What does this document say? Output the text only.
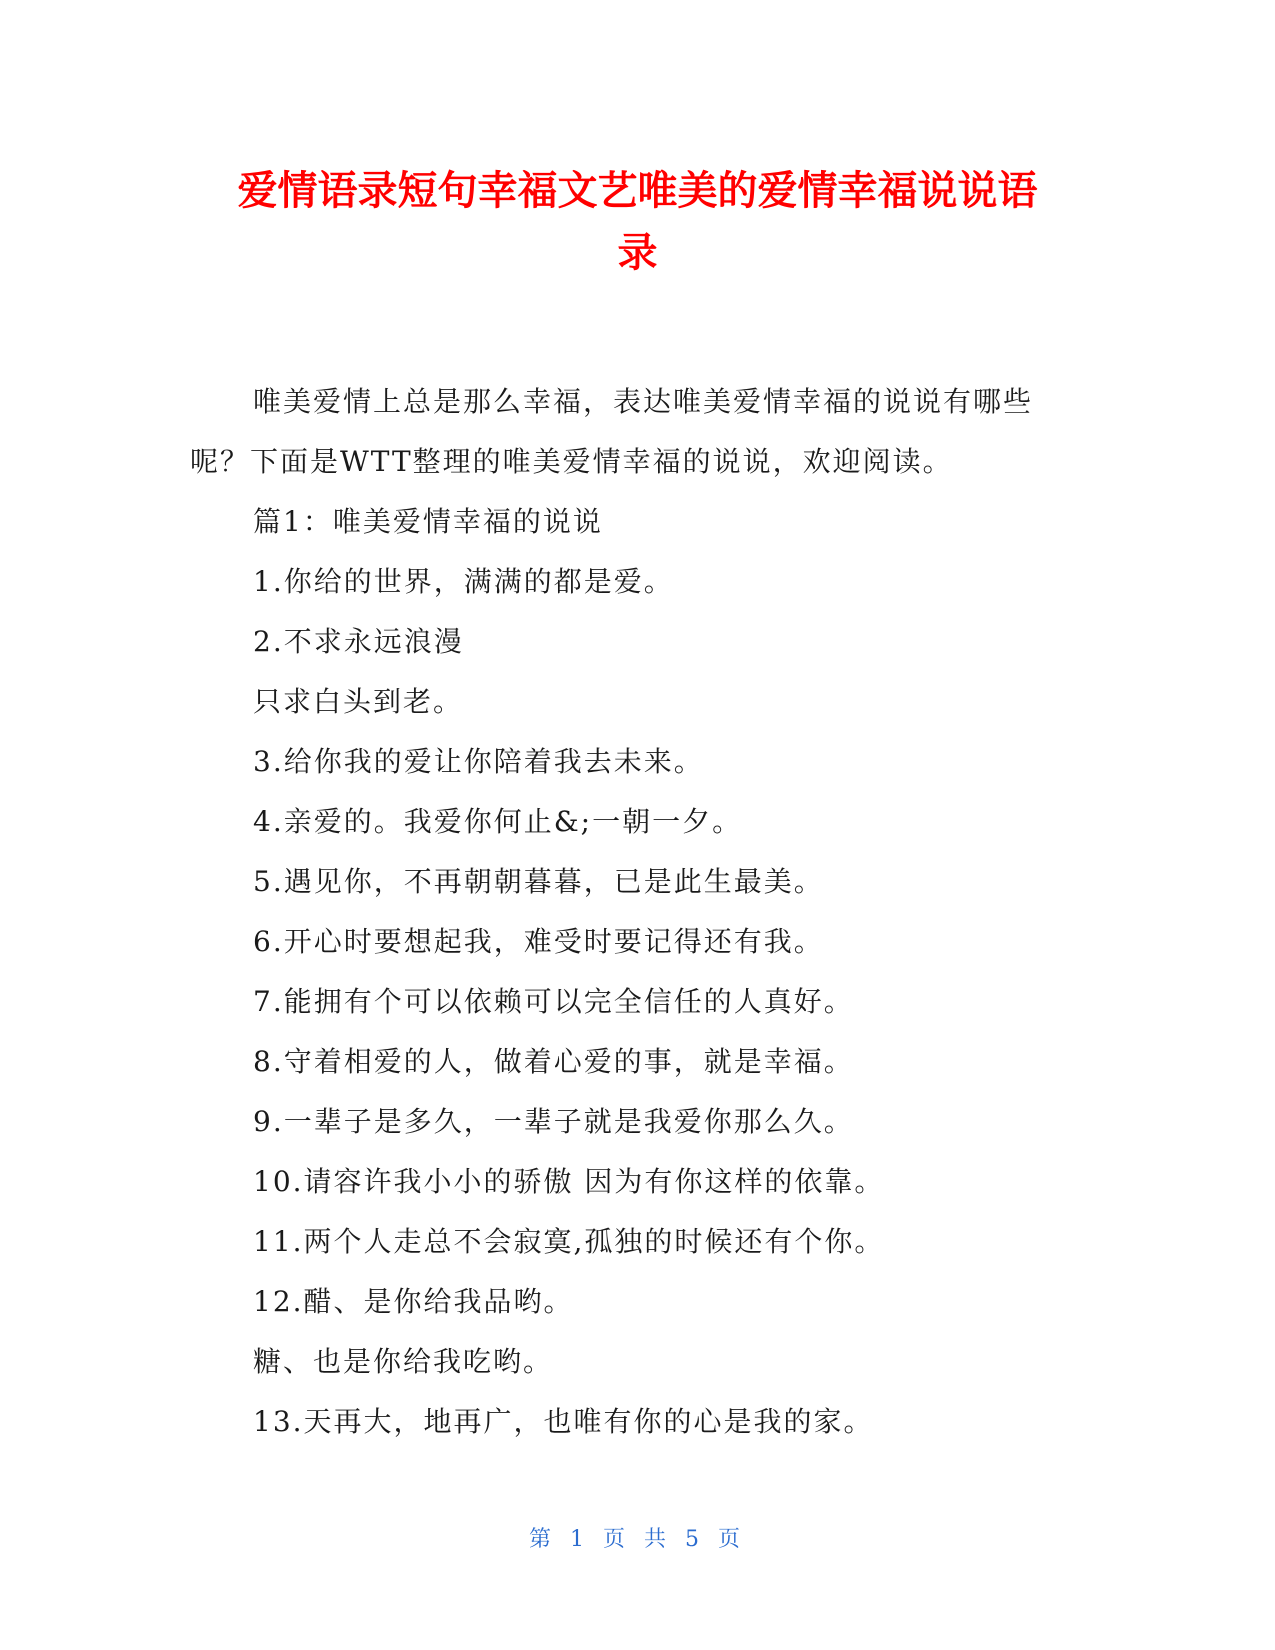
爱情语录短句幸福文艺唯美的爱情幸福说说语
录
唯美爱情上总是那么幸福，表达唯美爱情幸福的说说有哪些
呢？下面是WTT整理的唯美爱情幸福的说说，欢迎阅读。
篇1：唯美爱情幸福的说说
1.你给的世界，满满的都是爱。
2.不求永远浪漫
只求白头到老。
3.给你我的爱让你陪着我去未来。
4.亲爱的。我爱你何止&;一朝一夕。
5.遇见你，不再朝朝暮暮，已是此生最美。
6.开心时要想起我，难受时要记得还有我。
7.能拥有个可以依赖可以完全信任的人真好。
8.守着相爱的人，做着心爱的事，就是幸福。
9.一辈子是多久，一辈子就是我爱你那么久。
10.请容许我小小的骄傲 因为有你这样的依靠。
11.两个人走总不会寂寞,孤独的时候还有个你。
12.醋、是你给我品哟。
糖、也是你给我吃哟。
13.天再大，地再广，也唯有你的心是我的家。
第 1 页 共 5 页
